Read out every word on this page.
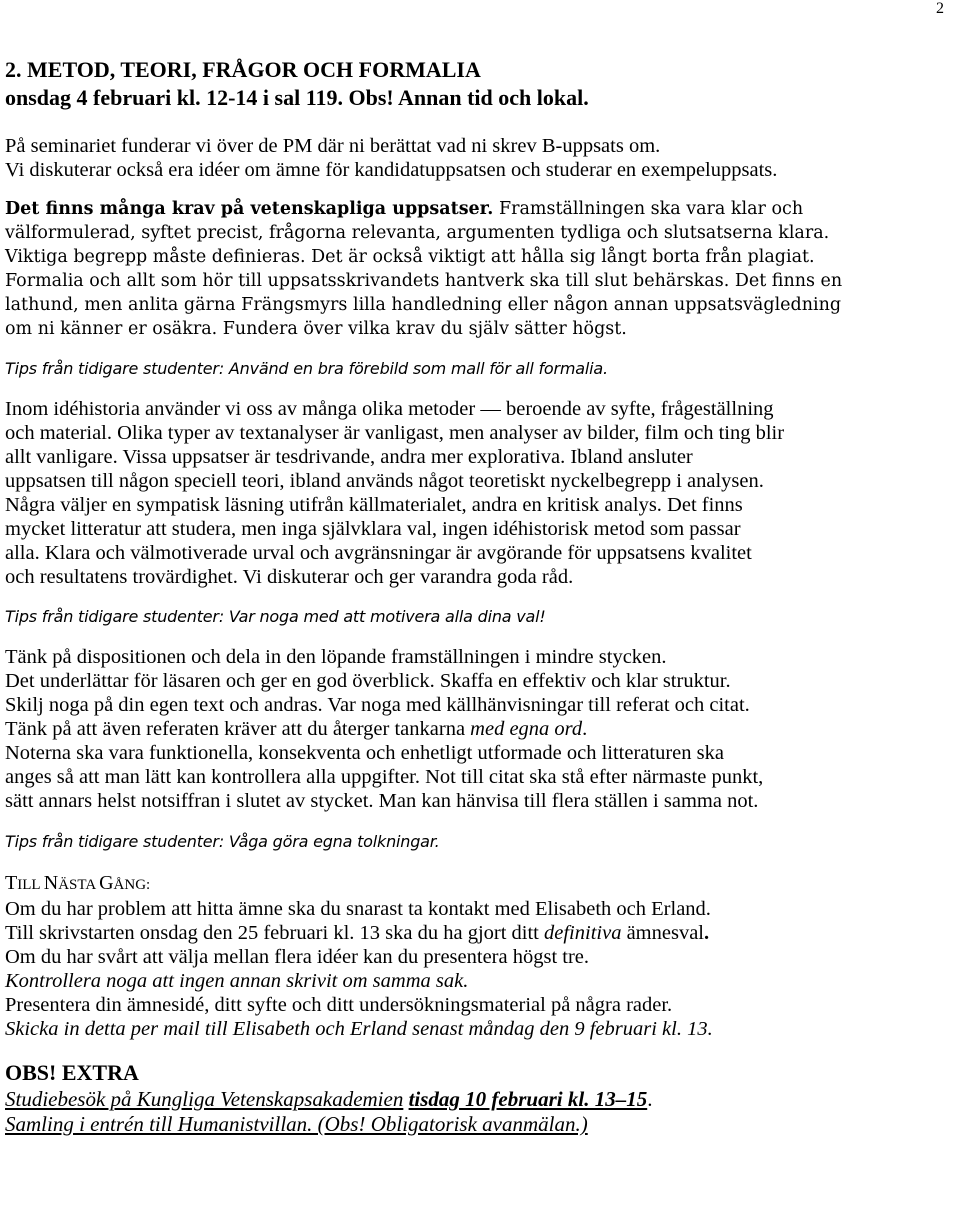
2
2. METOD, TEORI, FRÅGOR OCH FORMALIA
onsdag 4 februari kl. 12-14 i sal 119. Obs! Annan tid och lokal.
På seminariet funderar vi över de PM där ni berättat vad ni skrev B-uppsats om.
Vi diskuterar också era idéer om ämne för kandidatuppsatsen och studerar en exempeluppsats.
Det finns många krav på vetenskapliga uppsatser. Framställningen ska vara klar och
välformulerad, syftet precist, frågorna relevanta, argumenten tydliga och slutsatserna klara.
Viktiga begrepp måste definieras. Det är också viktigt att hålla sig långt borta från plagiat.
Formalia och allt som hör till uppsatsskrivandets hantverk ska till slut behärskas. Det finns en
lathund, men anlita gärna Frängsmyrs lilla handledning eller någon annan uppsatsvägledning
om ni känner er osäkra. Fundera över vilka krav du själv sätter högst.
Tips från tidigare studenter: Använd en bra förebild som mall för all formalia.
Inom idéhistoria använder vi oss av många olika metoder — beroende av syfte, frågeställning
och material. Olika typer av textanalyser är vanligast, men analyser av bilder, film och ting blir
allt vanligare. Vissa uppsatser är tesdrivande, andra mer explorativa. Ibland ansluter
uppsatsen till någon speciell teori, ibland används något teoretiskt nyckelbegrepp i analysen.
Några väljer en sympatisk läsning utifrån källmaterialet, andra en kritisk analys. Det finns
mycket litteratur att studera, men inga självklara val, ingen idéhistorisk metod som passar
alla. Klara och välmotiverade urval och avgränsningar är avgörande för uppsatsens kvalitet
och resultatens trovärdighet. Vi diskuterar och ger varandra goda råd.
Tips från tidigare studenter: Var noga med att motivera alla dina val!
Tänk på dispositionen och dela in den löpande framställningen i mindre stycken.
Det underlättar för läsaren och ger en god överblick. Skaffa en effektiv och klar struktur.
Skilj noga på din egen text och andras. Var noga med källhänvisningar till referat och citat.
Tänk på att även referaten kräver att du återger tankarna med egna ord.
Noterna ska vara funktionella, konsekventa och enhetligt utformade och litteraturen ska
anges så att man lätt kan kontrollera alla uppgifter. Not till citat ska stå efter närmaste punkt,
sätt annars helst notsiffran i slutet av stycket. Man kan hänvisa till flera ställen i samma not.
Tips från tidigare studenter: Våga göra egna tolkningar.
TILL NÄSTA GÅNG:
Om du har problem att hitta ämne ska du snarast ta kontakt med Elisabeth och Erland.
Till skrivstarten onsdag den 25 februari kl. 13 ska du ha gjort ditt definitiva ämnesval.
Om du har svårt att välja mellan flera idéer kan du presentera högst tre.
Kontrollera noga att ingen annan skrivit om samma sak.
Presentera din ämnesidé, ditt syfte och ditt undersökningsmaterial på några rader.
Skicka in detta per mail till Elisabeth och Erland senast måndag den 9 februari kl. 13.
OBS! EXTRA
Studiebesök på Kungliga Vetenskapsakademien tisdag 10 februari kl. 13–15.
Samling i entrén till Humanistvillan. (Obs! Obligatorisk avanmälan.)
